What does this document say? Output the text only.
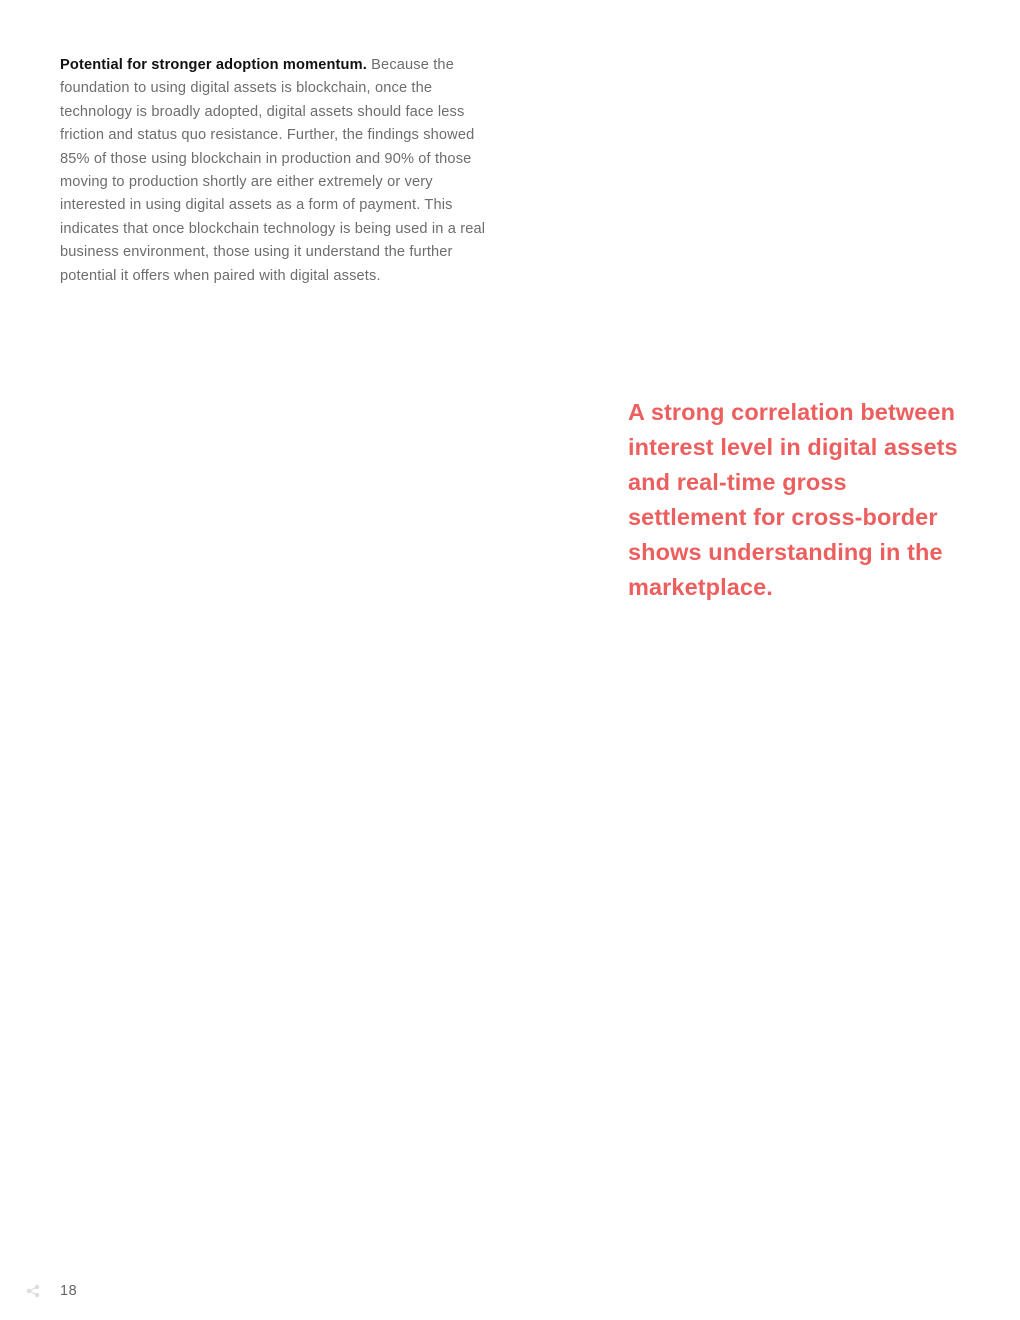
Potential for stronger adoption momentum. Because the foundation to using digital assets is blockchain, once the technology is broadly adopted, digital assets should face less friction and status quo resistance. Further, the findings showed 85% of those using blockchain in production and 90% of those moving to production shortly are either extremely or very interested in using digital assets as a form of payment. This indicates that once blockchain technology is being used in a real business environment, those using it understand the further potential it offers when paired with digital assets.

A strong correlation between interest level in digital assets and real-time gross settlement for cross-border shows understanding in the marketplace.

18
